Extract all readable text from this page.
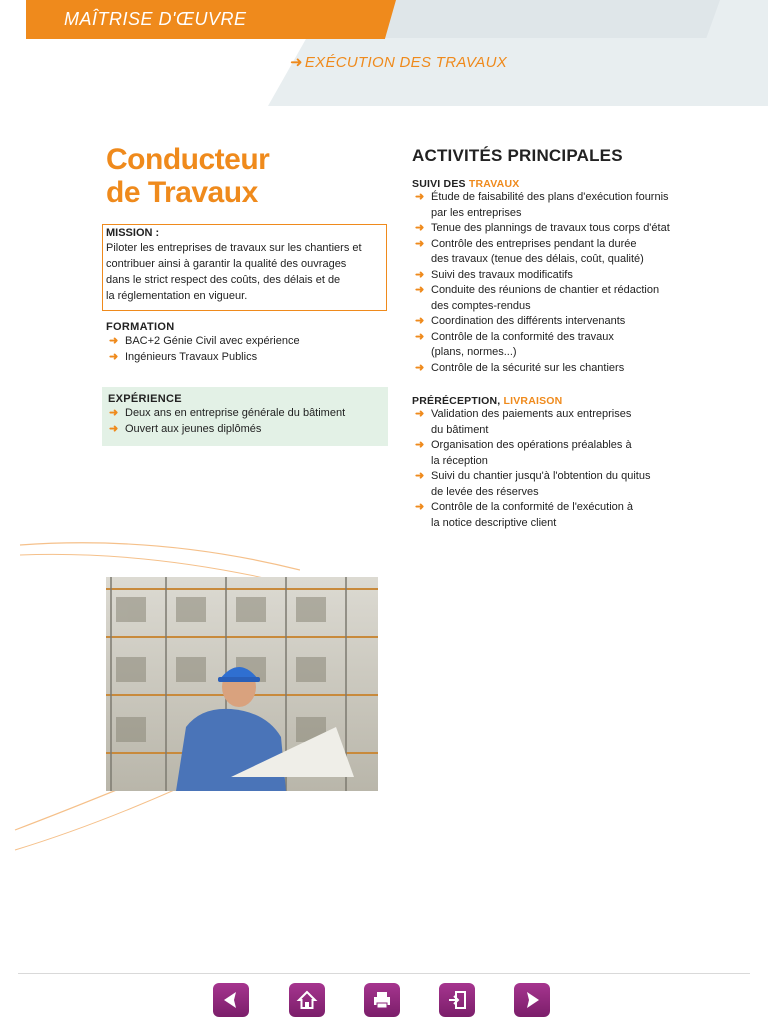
MAÎTRISE D'ŒUVRE
➜ EXÉCUTION DES TRAVAUX
Conducteur
de Travaux
MISSION :
Piloter les entreprises de travaux sur les chantiers et
contribuer ainsi à garantir la qualité des ouvrages
dans le strict respect des coûts, des délais et de
la réglementation en vigueur.
FORMATION
➜ BAC+2 Génie Civil avec expérience
➜ Ingénieurs Travaux Publics
EXPÉRIENCE
➜ Deux ans en entreprise générale du bâtiment
➜ Ouvert aux jeunes diplômés
ACTIVITÉS PRINCIPALES
SUIVI DES TRAVAUX
➜ Étude de faisabilité des plans d'exécution fournis
par les entreprises
➜ Tenue des plannings de travaux tous corps d'état
➜ Contrôle des entreprises pendant la durée
des travaux (tenue des délais, coût, qualité)
➜ Suivi des travaux modificatifs
➜ Conduite des réunions de chantier et rédaction
des comptes-rendus
➜ Coordination des différents intervenants
➜ Contrôle de la conformité des travaux
(plans, normes...)
➜ Contrôle de la sécurité sur les chantiers
PRÉRÉCEPTION, LIVRAISON
➜ Validation des paiements aux entreprises
du bâtiment
➜ Organisation des opérations préalables à
la réception
➜ Suivi du chantier jusqu'à l'obtention du quitus
de levée des réserves
➜ Contrôle de la conformité de l'exécution à
la notice descriptive client
